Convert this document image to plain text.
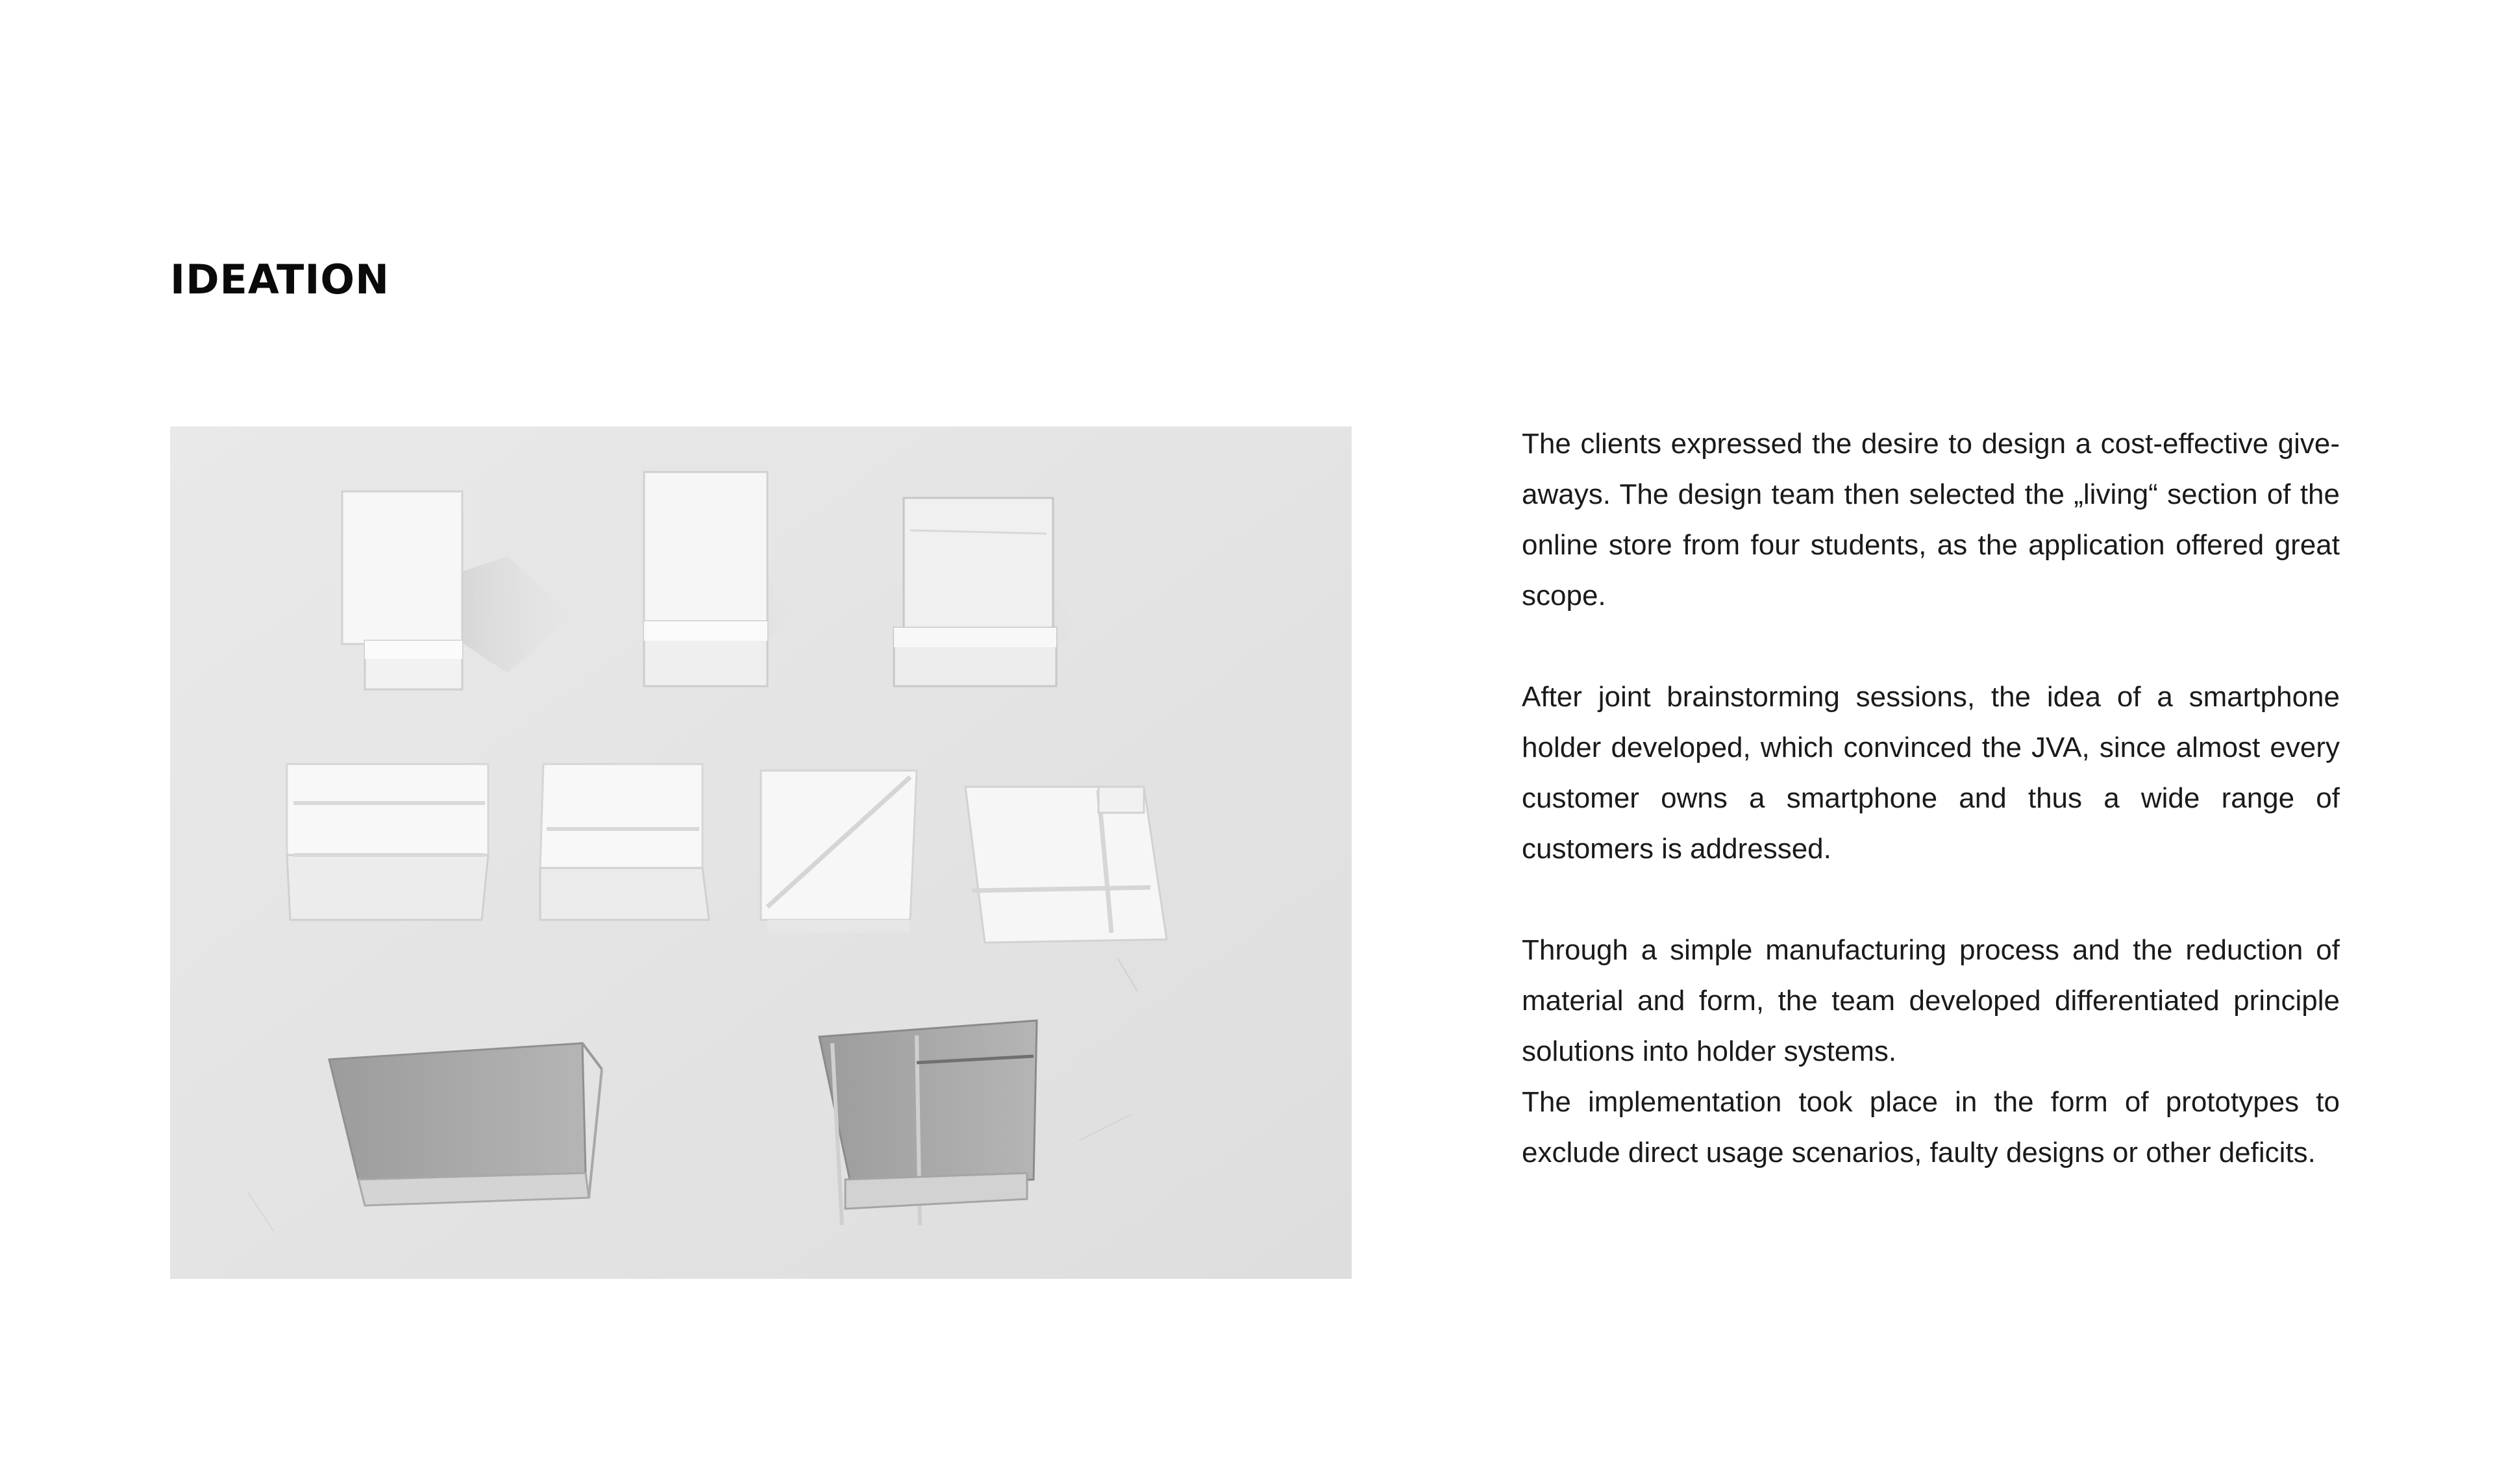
IDEATION

The clients expressed the desire to design a cost-effective give-aways. The design team then selected the „living“ section of the online store from four students, as the application offered great scope.

After joint brainstorming sessions, the idea of a smartphone holder developed, which convinced the JVA, since almost every customer owns a smartphone and thus a wide range of customers is addressed.

Through a simple manufacturing process and the reduction of material and form, the team developed differentiated principle solutions into holder systems.

The implementation took place in the form of prototypes to exclude direct usage scenarios, faulty designs or other deficits.
